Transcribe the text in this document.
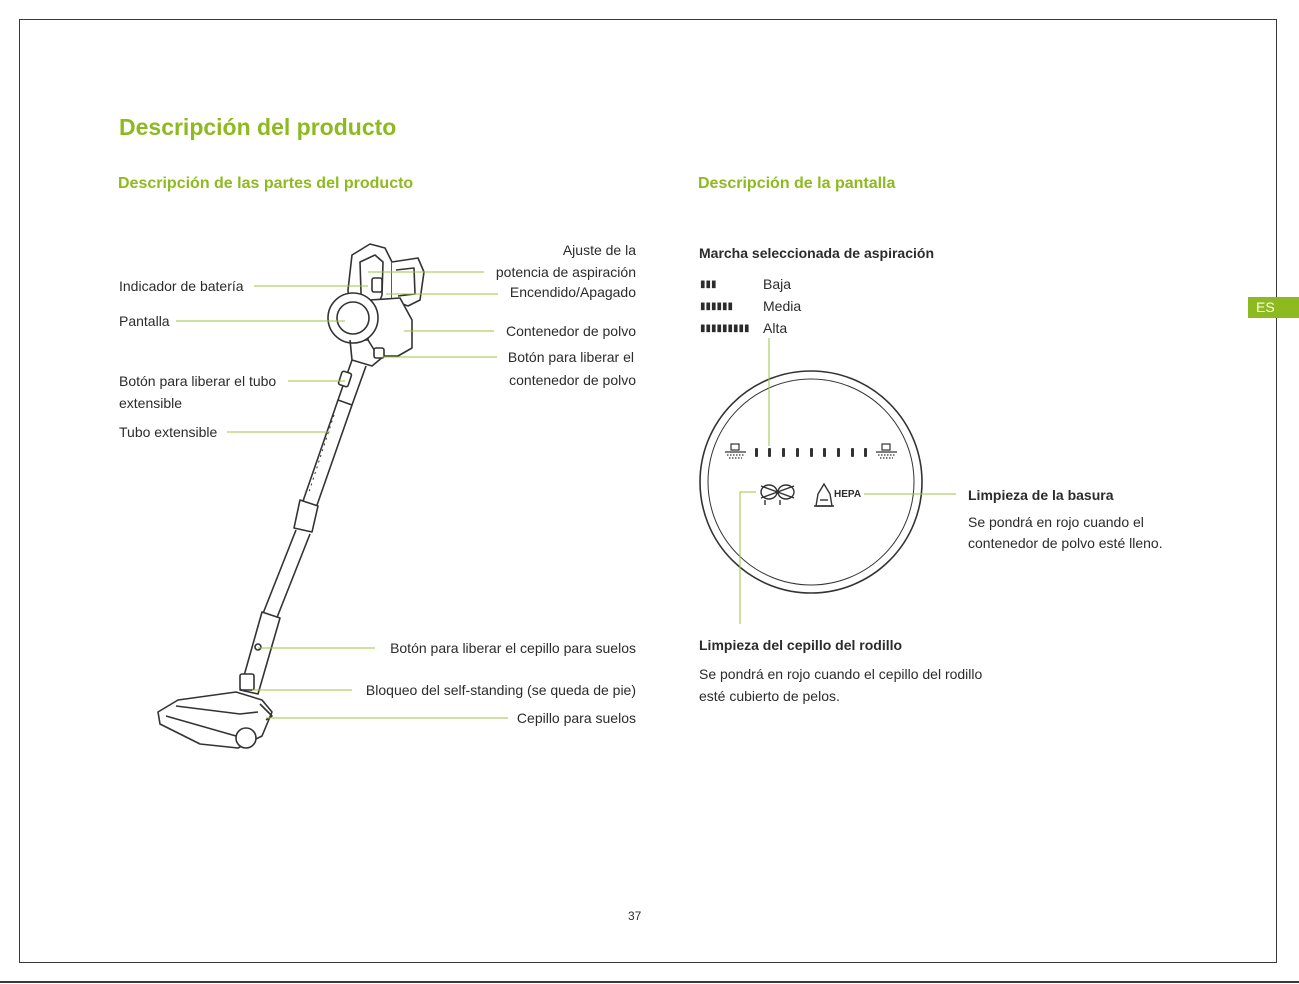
Descripción del producto
Descripción de las partes del producto	Descripción de la pantalla
ES
Indicador de batería
Pantalla
Botón para liberar el tubo
extensible
Tubo extensible
Ajuste de la
potencia de aspiración
Encendido/Apagado
Contenedor de polvo
Botón para liberar el
contenedor de polvo
Botón para liberar el cepillo para suelos
Bloqueo del self-standing (se queda de pie)
Cepillo para suelos
Marcha seleccionada de aspiración
▮▮▮	Baja
▮▮▮▮▮▮ Media
▮▮▮▮▮▮▮▮▮ Alta
HEPA	Limpieza de la basura
Se pondrá en rojo cuando el
contenedor de polvo esté lleno.
Limpieza del cepillo del rodillo
Se pondrá en rojo cuando el cepillo del rodillo
esté cubierto de pelos.
37
